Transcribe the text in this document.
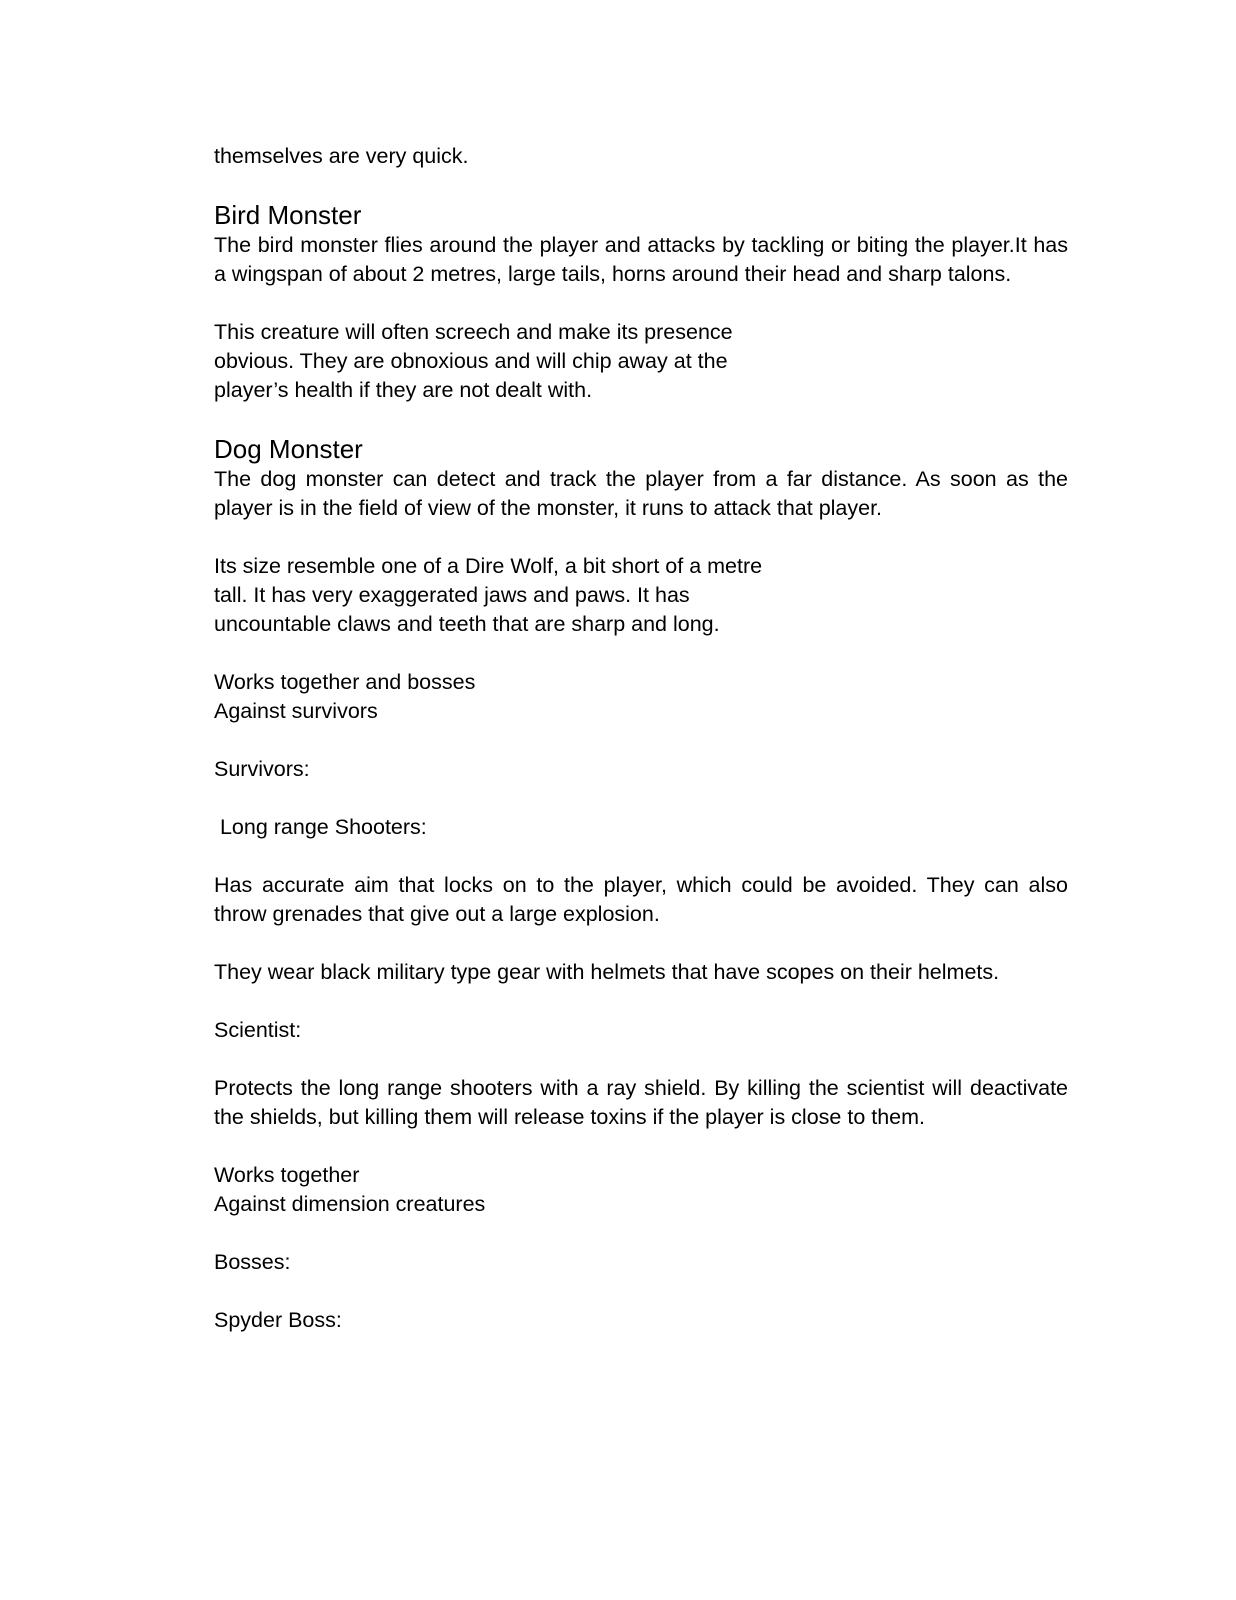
themselves are very quick.

Bird Monster

The bird monster flies around the player and attacks by tackling or biting the player.It has a wingspan of about 2 metres, large tails, horns around their head and sharp talons.

This creature will often screech and make its presence
obvious. They are obnoxious and will chip away at the
player’s health if they are not dealt with.

Dog Monster

The dog monster can detect and track the player from a far distance. As soon as the player is in the field of view of the monster, it runs to attack that player.

Its size resemble one of a Dire Wolf, a bit short of a metre
tall. It has very exaggerated jaws and paws. It has
uncountable claws and teeth that are sharp and long.

Works together and bosses
Against survivors

Survivors:

Long range Shooters:

Has accurate aim that locks on to the player, which could be avoided. They can also throw grenades that give out a large explosion.

They wear black military type gear with helmets that have scopes on their helmets.

Scientist:

Protects the long range shooters with a ray shield. By killing the scientist will deactivate the shields, but killing them will release toxins if the player is close to them.

Works together
Against dimension creatures

Bosses:

Spyder Boss:
